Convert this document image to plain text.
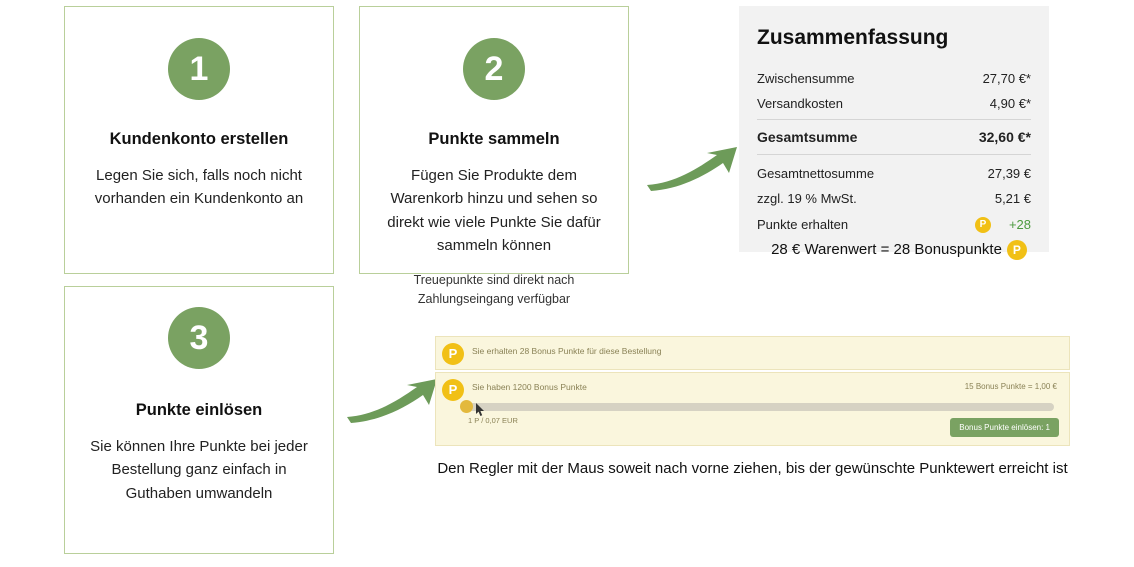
1
Kundenkonto erstellen
Legen Sie sich, falls noch nicht vorhanden ein Kundenkonto an
2
Punkte sammeln
Fügen Sie Produkte dem Warenkorb hinzu und sehen so direkt wie viele Punkte Sie dafür sammeln können
Treuepunkte sind direkt nach Zahlungseingang verfügbar
3
Punkte einlösen
Sie können Ihre Punkte bei jeder Bestellung ganz einfach in Guthaben umwandeln
Zusammenfassung
Zwischensumme	27,70 €*
Versandkosten	4,90 €*
Gesamtsumme	32,60 €*
Gesamtnettosumme	27,39 €
zzgl. 19 % MwSt.	5,21 €
Punkte erhalten	P	+28
28 € Warenwert = 28 Bonuspunkte P
P	Sie erhalten 28 Bonus Punkte für diese Bestellung
P	Sie haben 1200 Bonus Punkte	15 Bonus Punkte = 1,00 €
1 P / 0,07 EUR
Bonus Punkte einlösen: 1
Den Regler mit der Maus soweit nach vorne ziehen, bis der gewünschte Punktewert erreicht ist
